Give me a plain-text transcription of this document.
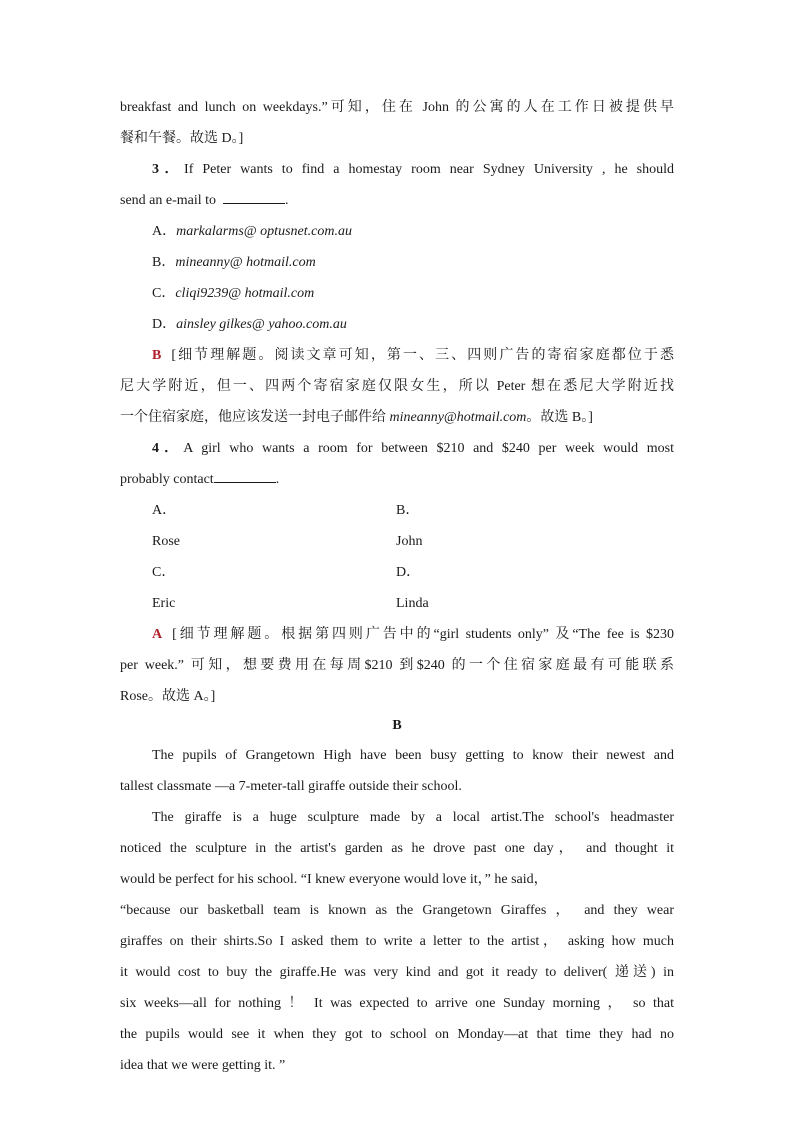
breakfast and lunch on weekdays.”可知，住在 John 的公寓的人在工作日被提供早

餐和午餐。故选 D。]

3．If Peter wants to find a homestay room near Sydney University , he should

send an e‑mail to	.

A．markalarms@ optusnet.com.au

B．mineanny@ hotmail.com

C．cliqi9239@ hotmail.com

D．ainsley gilkes@ yahoo.com.au

B [细节理解题。阅读文章可知，第一、三、四则广告的寄宿家庭都位于悉

尼大学附近，但一、四两个寄宿家庭仅限女生，所以 Peter 想在悉尼大学附近找

一个住宿家庭，他应该发送一封电子邮件给 mineanny@hotmail.com。故选 B。]

4．A girl who wants a room for between $210 and $240 per week would most

probably contact	.

A．
Rose
B．
John
C．
Eric
D．
Linda

A [细节理解题。根据第四则广告中的“girl students only” 及“The fee is $230

per week.” 可知，想要费用在每周$210 到$240 的一个住宿家庭最有可能联系

Rose。故选 A。]

B

The pupils of Grangetown High have been busy getting to know their newest and

tallest classmate —a 7‑meter‑tall giraffe outside their school.

The giraffe is a huge sculpture made by a local artist.The school's headmaster

noticed the sculpture in the artist's garden as he drove past one day， and thought it

would be perfect for his school. “I knew everyone would love it，” he said，

“because our basketball team is known as the Grangetown Giraffes ， and they wear

giraffes on their shirts.So I asked them to write a letter to the artist， asking how much

it would cost to buy the giraffe.He was very kind and got it ready to deliver( 递送) in

six weeks—all for nothing ！ It was expected to arrive one Sunday morning ， so that

the pupils would see it when they got to school on Monday—at that time they had no

idea that we were getting it. ”
